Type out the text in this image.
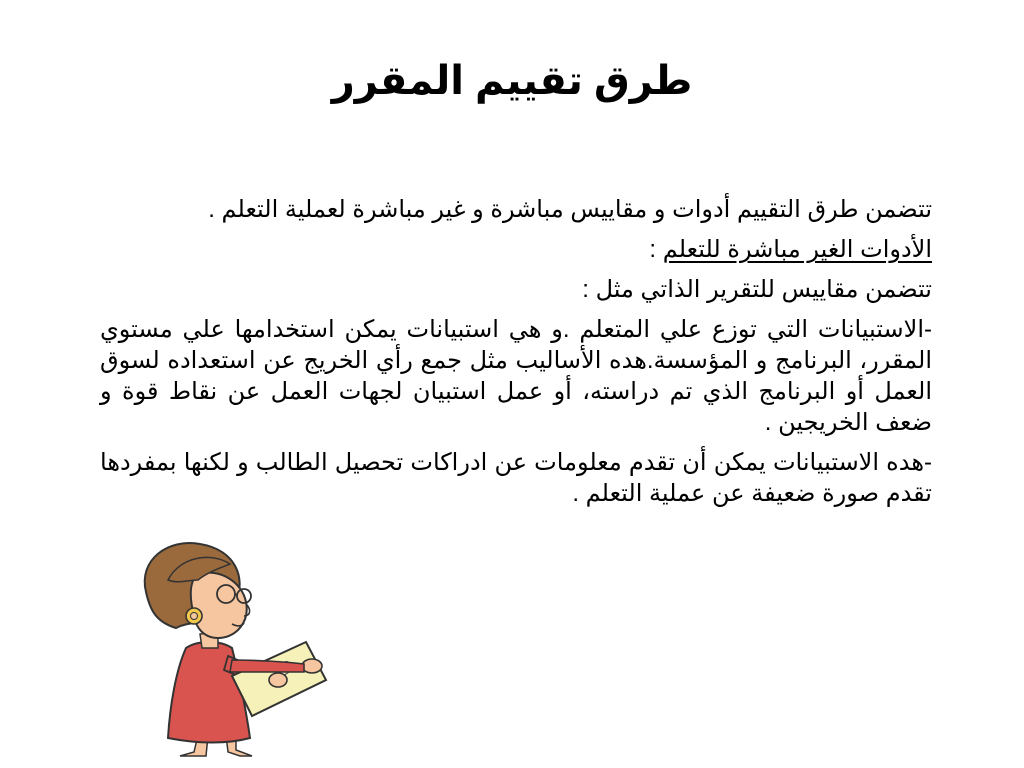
طرق تقييم المقرر

تتضمن طرق التقييم أدوات و مقاييس مباشرة و غير مباشرة لعملية التعلم .

الأدوات الغير مباشرة للتعلم :

تتضمن مقاييس للتقرير الذاتي مثل :

-الاستبيانات التي توزع علي المتعلم .و هي استبيانات يمكن استخدامها علي مستوي المقرر، البرنامج و المؤسسة.هده الأساليب مثل جمع رأي الخريج عن استعداده لسوق العمل أو البرنامج الذي تم دراسته، أو عمل استبيان لجهات العمل عن نقاط قوة و ضعف الخريجين .

-هده الاستبيانات يمكن أن تقدم معلومات عن ادراكات تحصيل الطالب و لكنها بمفردها تقدم صورة ضعيفة عن عملية التعلم .
